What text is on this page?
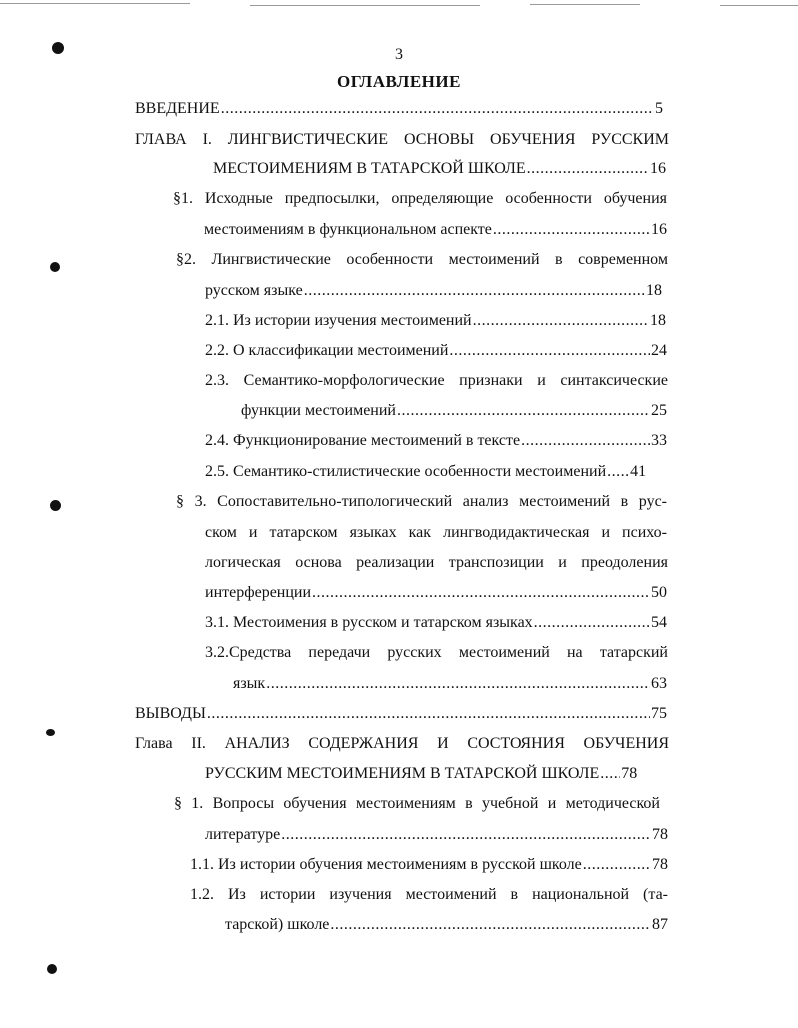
3
ОГЛАВЛЕНИЕ
ВВЕДЕНИЕ .....	5
ГЛАВА I. ЛИНГВИСТИЧЕСКИЕ ОСНОВЫ ОБУЧЕНИЯ РУССКИМ
МЕСТОИМЕНИЯМ В ТАТАРСКОЙ ШКОЛЕ .....	16
§1. Исходные предпосылки, определяющие особенности обучения
местоимениям в функциональном аспекте .....	16
§2. Лингвистические особенности местоимений в современном
русском языке .....	18
2.1. Из истории изучения местоимений .....	18
2.2. О классификации местоимений .....	24
2.3. Семантико-морфологические признаки и синтаксические
функции местоимений .....	25
2.4. Функционирование местоимений в тексте .....	33
2.5. Семантико-стилистические особенности местоимений ..... 41
§ 3. Сопоставительно-типологический анализ местоимений в рус-
ском и татарском языках как лингводидактическая и психо-
логическая основа реализации транспозиции и преодоления
интерференции .....	50
3.1. Местоимения в русском и татарском языках .....	54
3.2.Средства передачи русских местоимений на татарский
язык .....	63
ВЫВОДЫ .....	75
Глава II. АНАЛИЗ СОДЕРЖАНИЯ И СОСТОЯНИЯ ОБУЧЕНИЯ
РУССКИМ МЕСТОИМЕНИЯМ В ТАТАРСКОЙ ШКОЛЕ ..... 78
§ 1. Вопросы обучения местоимениям в учебной и методической
литературе .....	78
1.1. Из истории обучения местоимениям в русской школе .....	78
1.2. Из истории изучения местоимений в национальной (та-
тарской) школе .....	87
